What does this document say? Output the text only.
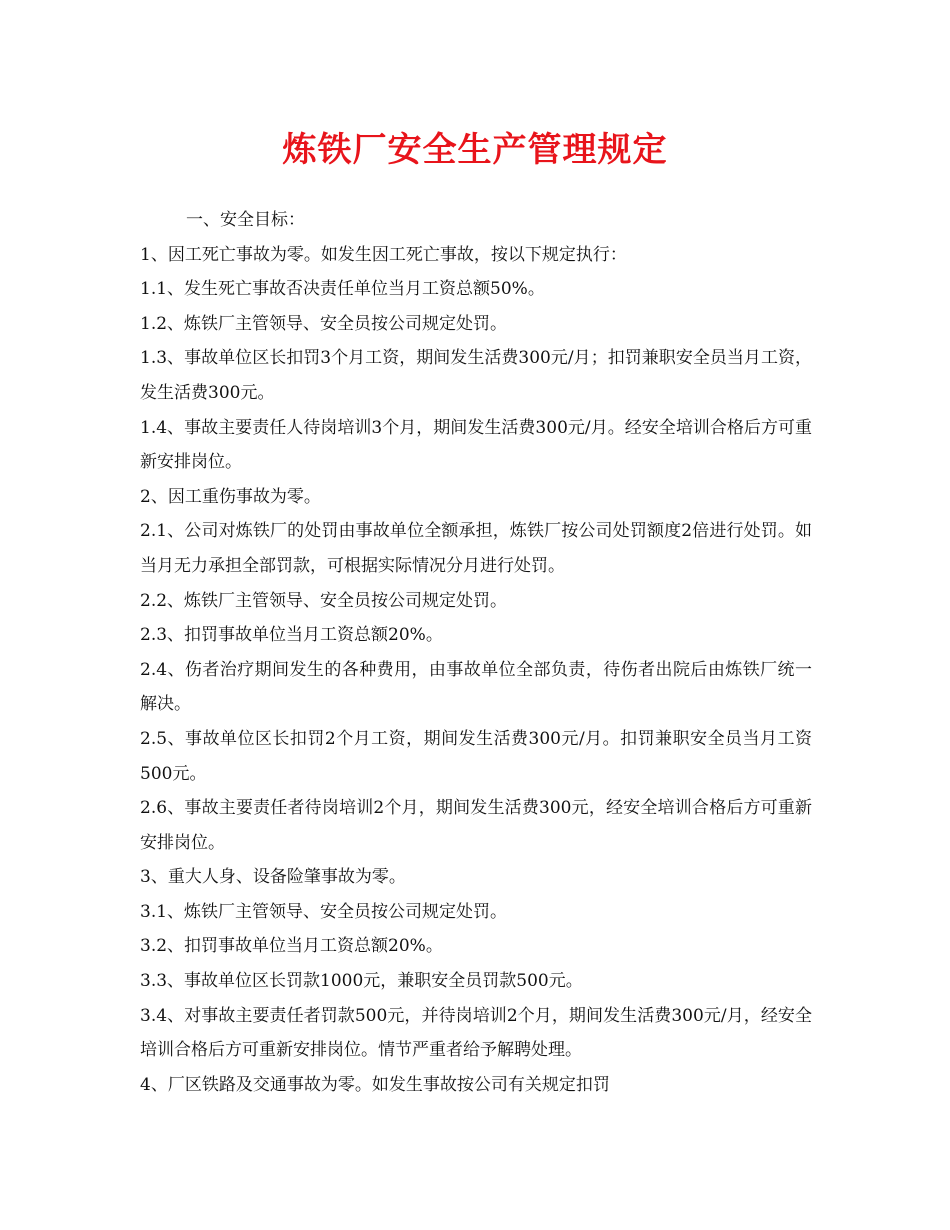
炼铁厂安全生产管理规定

一、安全目标：

1、因工死亡事故为零。如发生因工死亡事故，按以下规定执行：

1.1、发生死亡事故否决责任单位当月工资总额50%。

1.2、炼铁厂主管领导、安全员按公司规定处罚。

1.3、事故单位区长扣罚3个月工资，期间发生活费300元/月；扣罚兼职安全员当月工资，发生活费300元。

1.4、事故主要责任人待岗培训3个月，期间发生活费300元/月。经安全培训合格后方可重新安排岗位。

2、因工重伤事故为零。

2.1、公司对炼铁厂的处罚由事故单位全额承担，炼铁厂按公司处罚额度2倍进行处罚。如当月无力承担全部罚款，可根据实际情况分月进行处罚。

2.2、炼铁厂主管领导、安全员按公司规定处罚。

2.3、扣罚事故单位当月工资总额20%。

2.4、伤者治疗期间发生的各种费用，由事故单位全部负责，待伤者出院后由炼铁厂统一解决。

2.5、事故单位区长扣罚2个月工资，期间发生活费300元/月。扣罚兼职安全员当月工资500元。

2.6、事故主要责任者待岗培训2个月，期间发生活费300元，经安全培训合格后方可重新安排岗位。

3、重大人身、设备险肇事故为零。

3.1、炼铁厂主管领导、安全员按公司规定处罚。

3.2、扣罚事故单位当月工资总额20%。

3.3、事故单位区长罚款1000元，兼职安全员罚款500元。

3.4、对事故主要责任者罚款500元，并待岗培训2个月，期间发生活费300元/月，经安全培训合格后方可重新安排岗位。情节严重者给予解聘处理。

4、厂区铁路及交通事故为零。如发生事故按公司有关规定扣罚
